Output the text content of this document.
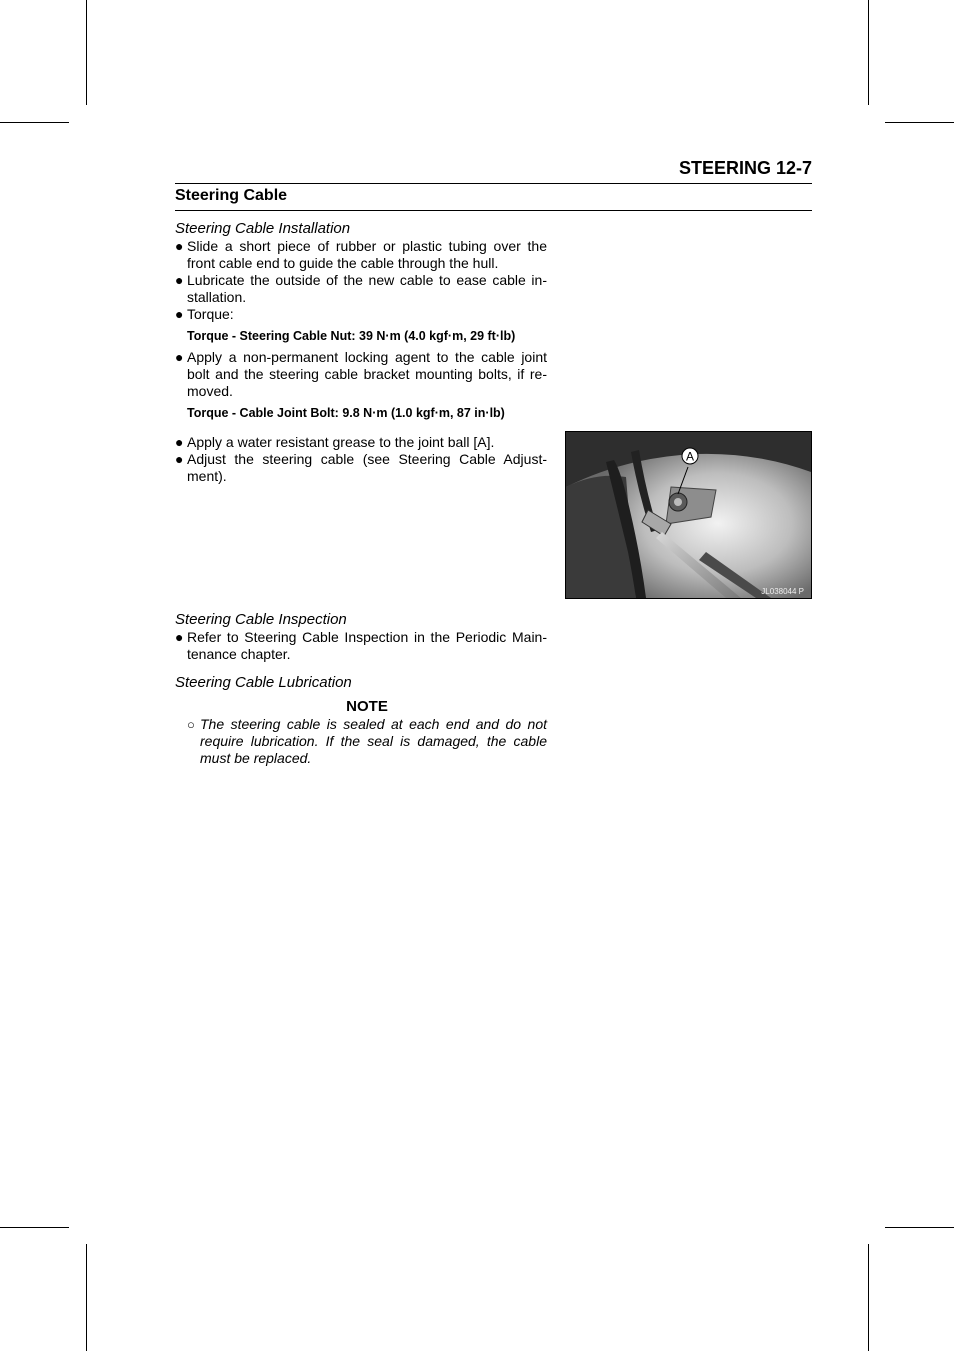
STEERING 12-7
Steering Cable

Steering Cable Installation

● Slide a short piece of rubber or plastic tubing over the front cable end to guide the cable through the hull.

● Lubricate the outside of the new cable to ease cable in-stallation.

● Torque:

Torque - Steering Cable Nut: 39 N·m (4.0 kgf·m, 29 ft·lb)

● Apply a non-permanent locking agent to the cable joint bolt and the steering cable bracket mounting bolts, if re-moved.

Torque - Cable Joint Bolt: 9.8 N·m (1.0 kgf·m, 87 in·lb)

● Apply a water resistant grease to the joint ball [A].

● Adjust the steering cable (see Steering Cable Adjust-ment).

A
JL038044 P

Steering Cable Inspection

● Refer to Steering Cable Inspection in the Periodic Main-tenance chapter.

Steering Cable Lubrication

NOTE

○ The steering cable is sealed at each end and do not require lubrication. If the seal is damaged, the cable must be replaced.
